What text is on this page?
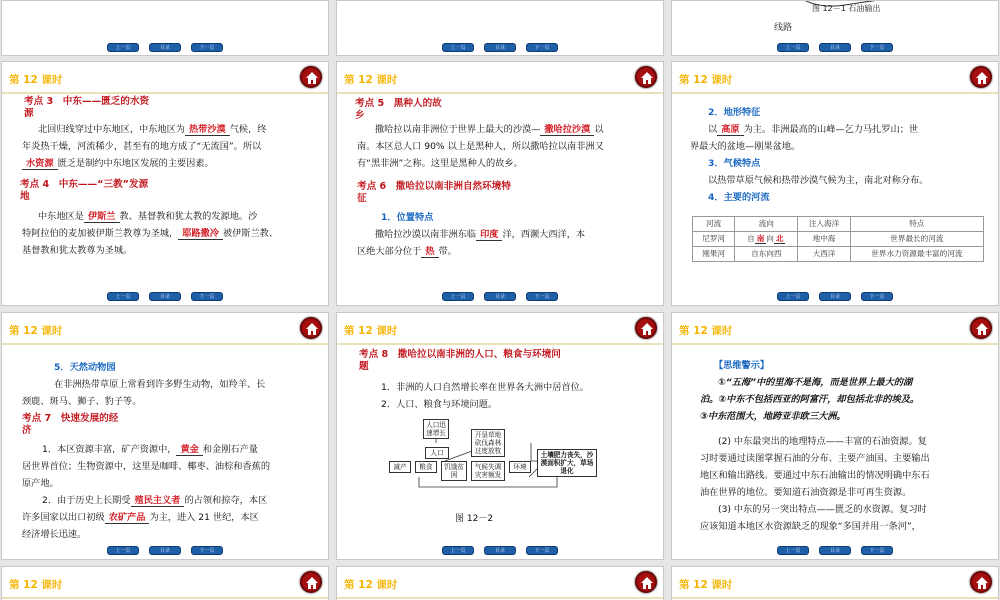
上一页	目录	下一页	上一页	目录	下一页
图 12－1 石油输出
线路
上一页	目录	下一页
第 12 课时
考点 3　中东——匮乏的水资
源
北回归线穿过中东地区，中东地区为 热带沙漠 气候，终
年炎热干燥，河流稀少，甚至有的地方成了“无流国”。所以
水资源 匮乏是制约中东地区发展的主要因素。
考点 4　中东——“三教”发源
地
中东地区是 伊斯兰 教、基督教和犹太教的发源地。沙
特阿拉伯的麦加被伊斯兰教尊为圣城， 耶路撒冷 被伊斯兰教、
基督教和犹太教尊为圣城。
上一页	目录	下一页
第 12 课时
考点 5　黑种人的故
乡
撒哈拉以南非洲位于世界上最大的沙漠— 撒哈拉沙漠 以
南。本区总人口 90% 以上是黑种人，所以撒哈拉以南非洲又
有“黑非洲”之称。这里是黑种人的故乡。
考点 6　撒哈拉以南非洲自然环境特
征
1．位置特点
撒哈拉沙漠以南非洲东临 印度 洋，西濒大西洋，本
区绝大部分位于 热 带。
上一页	目录	下一页
第 12 课时
2．地形特征
以 高原 为主。非洲最高的山峰—乞力马扎罗山；世
界最大的盆地—刚果盆地。
3．气候特点
以热带草原气候和热带沙漠气候为主，南北对称分布。
4．主要的河流
河流	流向	注入海洋	特点
尼罗河	自 南 向 北	地中海	世界最长的河流
刚果河	自东向西	大西洋	世界水力资源最丰富的河流
上一页	目录	下一页
第 12 课时
5．天然动物园
在非洲热带草原上常看到许多野生动物，如羚羊、长
颈鹿、斑马、狮子、豹子等。
考点 7　快速发展的经
济
1．本区资源丰富，矿产资源中， 黄金 和金刚石产量
居世界首位；生物资源中，这里是咖啡、椰枣、油棕和香蕉的
原产地。
2．由于历史上长期受 殖民主义者 的占领和掠夺，本区
许多国家以出口初级 农矿产品 为主，进入 21 世纪，本区
经济增长迅速。
上一页	目录	下一页
第 12 课时
考点 8　撒哈拉以南非洲的人口、粮食与环境问
题
1．非洲的人口自然增长率在世界各大洲中居首位。
2．人口、粮食与环境问题。
人口迅速增长
人口
减产	粮食	饥饿贫困
开垦草地砍伐森林过度放牧
气候失调灾害频发
环境
土壤肥力丧失，沙漠面积扩大，草场退化
图 12－2
上一页	目录	下一页
第 12 课时
【思维警示】
①“五海”中的里海不是海，而是世界上最大的湖
泊。②中东不包括西亚的阿富汗，却包括北非的埃及。
③中东范围大，地跨亚非欧三大洲。
(2) 中东最突出的地理特点——丰富的石油资源。复
习时要通过读图掌握石油的分布、主要产油国、主要输出
地区和输出路线。要通过中东石油输出的情况明确中东石
油在世界的地位。要知道石油资源是非可再生资源。
(3) 中东的另一突出特点——匮乏的水资源。复习时
应该知道本地区水资源缺乏的现象“多国并用一条河”，
上一页	目录	下一页
第 12 课时	第 12 课时	第 12 课时
